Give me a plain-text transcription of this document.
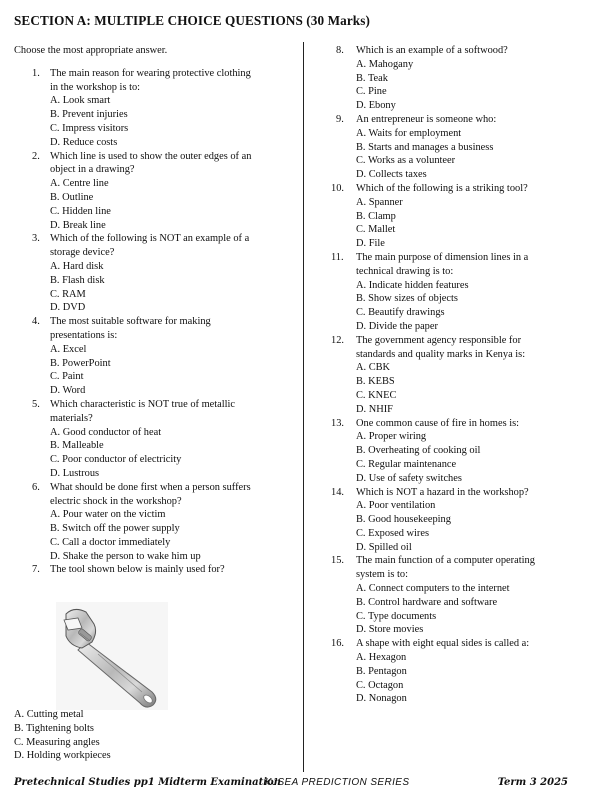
SECTION A: MULTIPLE CHOICE QUESTIONS (30 Marks)
Choose the most appropriate answer.
1. The main reason for wearing protective clothing
in the workshop is to:
A. Look smart
B. Prevent injuries
C. Impress visitors
D. Reduce costs
2. Which line is used to show the outer edges of an
object in a drawing?
A. Centre line
B. Outline
C. Hidden line
D. Break line
3. Which of the following is NOT an example of a
storage device?
A. Hard disk
B. Flash disk
C. RAM
D. DVD
4. The most suitable software for making
presentations is:
A. Excel
B. PowerPoint
C. Paint
D. Word
5. Which characteristic is NOT true of metallic
materials?
A. Good conductor of heat
B. Malleable
C. Poor conductor of electricity
D. Lustrous
6. What should be done first when a person suffers
electric shock in the workshop?
A. Pour water on the victim
B. Switch off the power supply
C. Call a doctor immediately
D. Shake the person to wake him up
7. The tool shown below is mainly used for?
8. Which is an example of a softwood?
A. Mahogany
B. Teak
C. Pine
D. Ebony
9. An entrepreneur is someone who:
A. Waits for employment
B. Starts and manages a business
C. Works as a volunteer
D. Collects taxes
10. Which of the following is a striking tool?
A. Spanner
B. Clamp
C. Mallet
D. File
11. The main purpose of dimension lines in a
technical drawing is to:
A. Indicate hidden features
B. Show sizes of objects
C. Beautify drawings
D. Divide the paper
12. The government agency responsible for
standards and quality marks in Kenya is:
A. CBK
B. KEBS
C. KNEC
D. NHIF
13. One common cause of fire in homes is:
A. Proper wiring
B. Overheating of cooking oil
C. Regular maintenance
D. Use of safety switches
14. Which is NOT a hazard in the workshop?
A. Poor ventilation
B. Good housekeeping
C. Exposed wires
D. Spilled oil
15. The main function of a computer operating
system is to:
A. Connect computers to the internet
B. Control hardware and software
C. Type documents
D. Store movies
16. A shape with eight equal sides is called a:
A. Hexagon
B. Pentagon
C. Octagon
D. Nonagon
A. Cutting metal
B. Tightening bolts
C. Measuring angles
D. Holding workpieces
Pretechnical Studies pp1 Midterm Examination
KJSEA PREDICTION SERIES	Term 3 2025
